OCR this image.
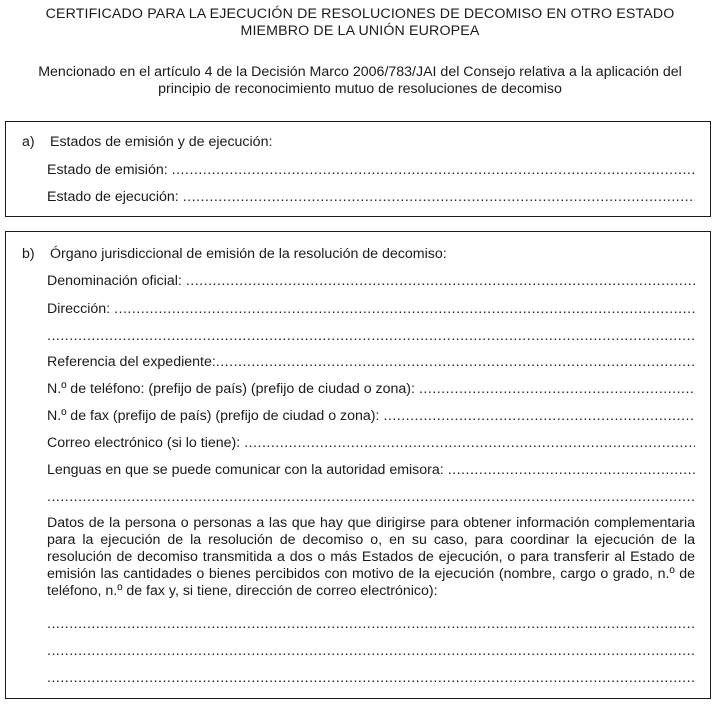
CERTIFICADO PARA LA EJECUCIÓN DE RESOLUCIONES DE DECOMISO EN OTRO ESTADO
MIEMBRO DE LA UNIÓN EUROPEA
Mencionado en el artículo 4 de la Decisión Marco 2006/783/JAI del Consejo relativa a la aplicación del
principio de reconocimiento mutuo de resoluciones de decomiso
a) Estados de emisión y de ejecución:
Estado de emisión:
.....
Estado de ejecución:
.....
b) Órgano jurisdiccional de emisión de la resolución de decomiso:
Denominación oficial:
.....
Dirección:
.....
.....
Referencia del expediente:
.....
N.º de teléfono: (prefijo de país) (prefijo de ciudad o zona):
.....
N.º de fax (prefijo de país) (prefijo de ciudad o zona):
.....
Correo electrónico (si lo tiene):
.....
Lenguas en que se puede comunicar con la autoridad emisora:
.....
.....
Datos de la persona o personas a las que hay que dirigirse para obtener información complementaria para la ejecución de la resolución de decomiso o, en su caso, para coordinar la ejecución de la resolución de decomiso transmitida a dos o más Estados de ejecución, o para transferir al Estado de emisión las cantidades o bienes percibidos con motivo de la ejecución (nombre, cargo o grado, n.º de teléfono, n.º de fax y, si tiene, dirección de correo electrónico):
.....
.....
.....
